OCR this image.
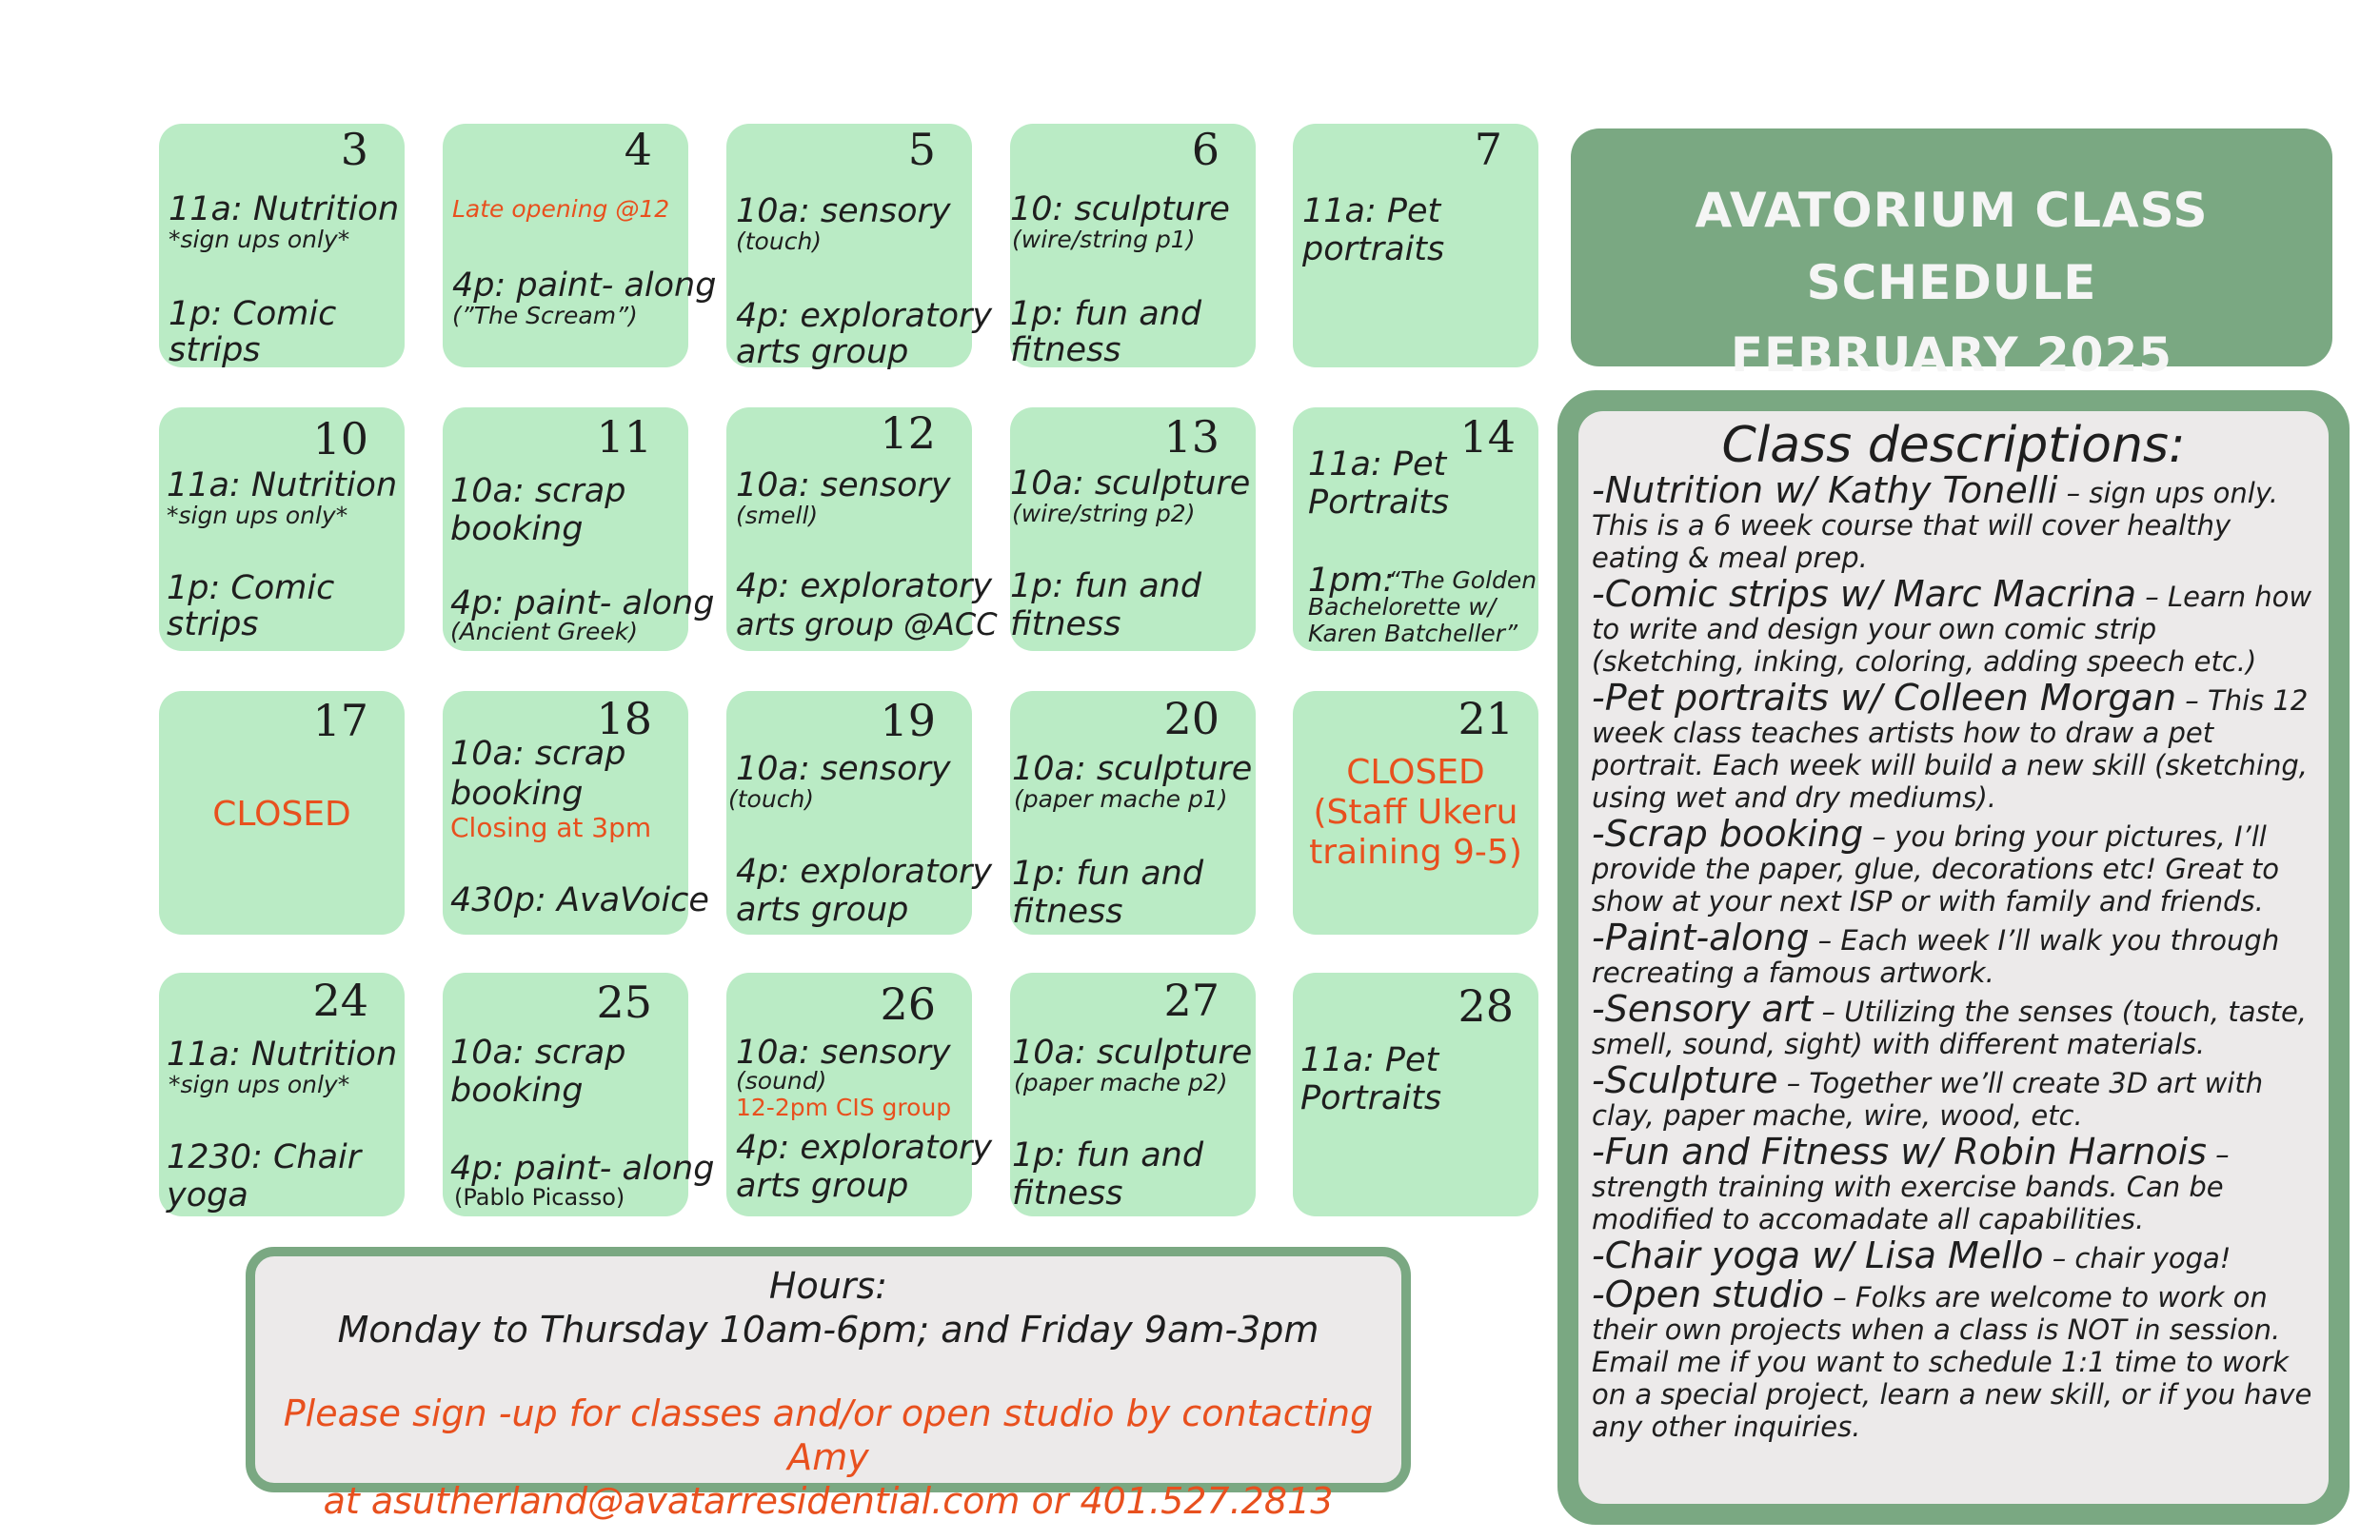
AVATORIUM CLASS SCHEDULE
FEBRUARY 2025
3
11a: Nutrition
*sign ups only*
1p: Comic
strips
4
Late opening @12
4p: paint- along
(”The Scream”)
5
10a: sensory
(touch)
4p: exploratory
arts group
6
10: sculpture
(wire/string p1)
1p: fun and
fitness
7
11a: Pet
portraits
10
11a: Nutrition
*sign ups only*
1p: Comic
strips
11
10a: scrap
booking
4p: paint- along
(Ancient Greek)
12
10a: sensory
(smell)
4p: exploratory
arts group @ACC
13
10a: sculpture
(wire/string p2)
1p: fun and
fitness
14
11a: Pet
Portraits
1pm:
“The Golden
Bachelorette w/
Karen Batcheller”
17
CLOSED
18
10a: scrap
booking
Closing at 3pm
430p: AvaVoice
19
10a: sensory
(touch)
4p: exploratory
arts group
20
10a: sculpture
(paper mache p1)
1p: fun and
fitness
21
CLOSED
(Staff Ukeru
training 9-5)
24
11a: Nutrition
*sign ups only*
1230: Chair
yoga
25
10a: scrap
booking
4p: paint- along
(Pablo Picasso)
26
10a: sensory
(sound)
12-2pm CIS group
4p: exploratory
arts group
27
10a: sculpture
(paper mache p2)
1p: fun and
fitness
28
11a: Pet
Portraits
Class descriptions:
-Nutrition w/ Kathy Tonelli – sign ups only. This is a 6 week course that will cover healthy eating & meal prep.
-Comic strips w/ Marc Macrina – Learn how to write and design your own comic strip (sketching, inking, coloring, adding speech etc.)
-Pet portraits w/ Colleen Morgan – This 12 week class teaches artists how to draw a pet portrait. Each week will build a new skill (sketching, using wet and dry mediums).
-Scrap booking – you bring your pictures, I’ll provide the paper, glue, decorations etc! Great to show at your next ISP or with family and friends.
-Paint-along – Each week I’ll walk you through recreating a famous artwork.
-Sensory art – Utilizing the senses (touch, taste, smell, sound, sight) with different materials.
-Sculpture – Together we’ll create 3D art with clay, paper mache, wire, wood, etc.
-Fun and Fitness w/ Robin Harnois – strength training with exercise bands. Can be modified to accomadate all capabilities.
-Chair yoga w/ Lisa Mello – chair yoga!
-Open studio – Folks are welcome to work on their own projects when a class is NOT in session. Email me if you want to schedule 1:1 time to work on a special project, learn a new skill, or if you have any other inquiries.
Hours:
Monday to Thursday 10am-6pm; and Friday 9am-3pm
Please sign -up for classes and/or open studio by contacting Amy
at asutherland@avatarresidential.com or 401.527.2813
